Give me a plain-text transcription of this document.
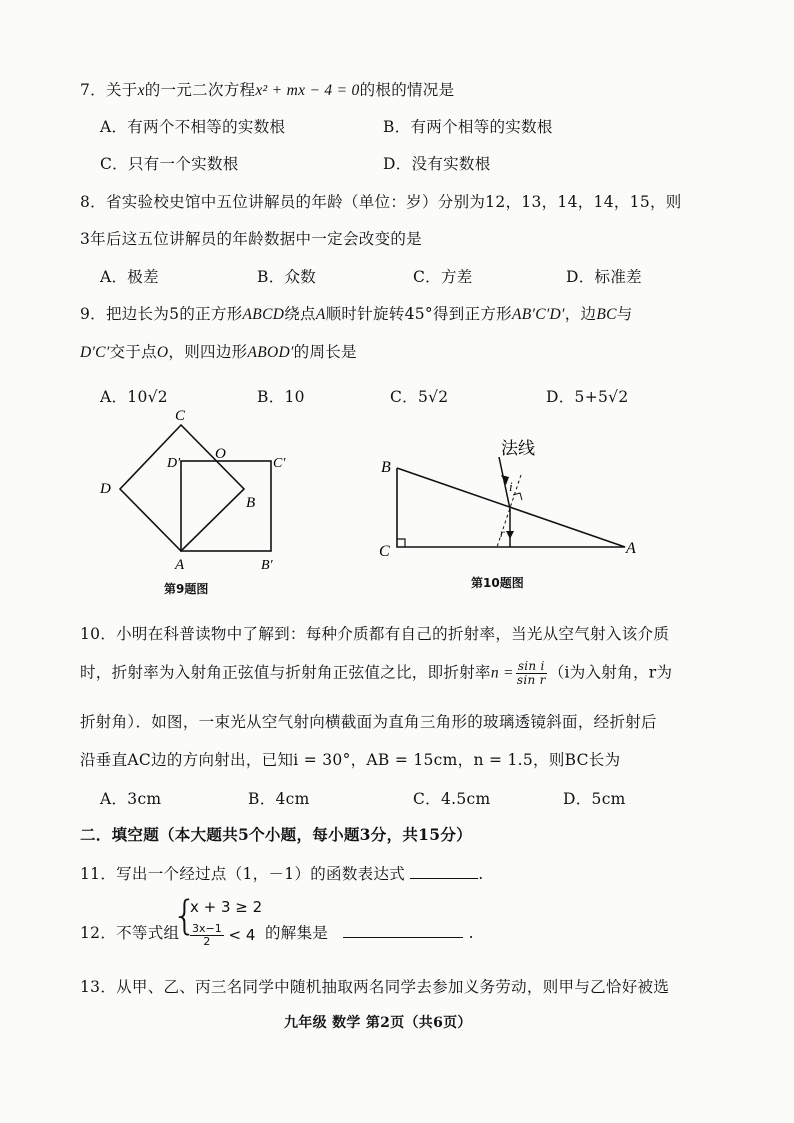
7．关于x的一元二次方程x² + mx − 4 = 0的根的情况是
A．有两个不相等的实数根	B．有两个相等的实数根
C．只有一个实数根	D．没有实数根
8．省实验校史馆中五位讲解员的年龄（单位：岁）分别为12，13，14，14，15，则
3年后这五位讲解员的年龄数据中一定会改变的是
A．极差	B．众数	C．方差	D．标准差
9．把边长为5的正方形ABCD绕点A顺时针旋转45°得到正方形AB′C′D′，边BC与
D′C′交于点O，则四边形ABOD′的周长是
A．10√2	B．10	C．5√2	D．5+5√2
C
D′
O
C′
D
B
A	B′
第9题图
法线
i
r
B
C	A
第10题图
10．小明在科普读物中了解到：每种介质都有自己的折射率，当光从空气射入该介质
时，折射率为入射角正弦值与折射角正弦值之比，即折射率$n = \frac{\text{sin i}}{\text{sin r}} (i$为入射角，r为
折射角）．如图，一束光从空气射向横截面为直角三角形的玻璃透镜斜面，经折射后
沿垂直AC边的方向射出，已知i = 30°，AB = 15cm，n = 1.5，则BC长为
A．3cm	B．4cm	C．4.5cm	D．5cm
二．填空题（本大题共5个小题，每小题3分，共15分）
11．写出一个经过点（1，－1）的函数表达式	.
12．不等式组
{
x + 3 ≥ 2
$\frac{3x-1}{2} < 4$ 的解集是	.
13．从甲、乙、丙三名同学中随机抽取两名同学去参加义务劳动，则甲与乙恰好被选
九年级 数学 第2页（共6页）
